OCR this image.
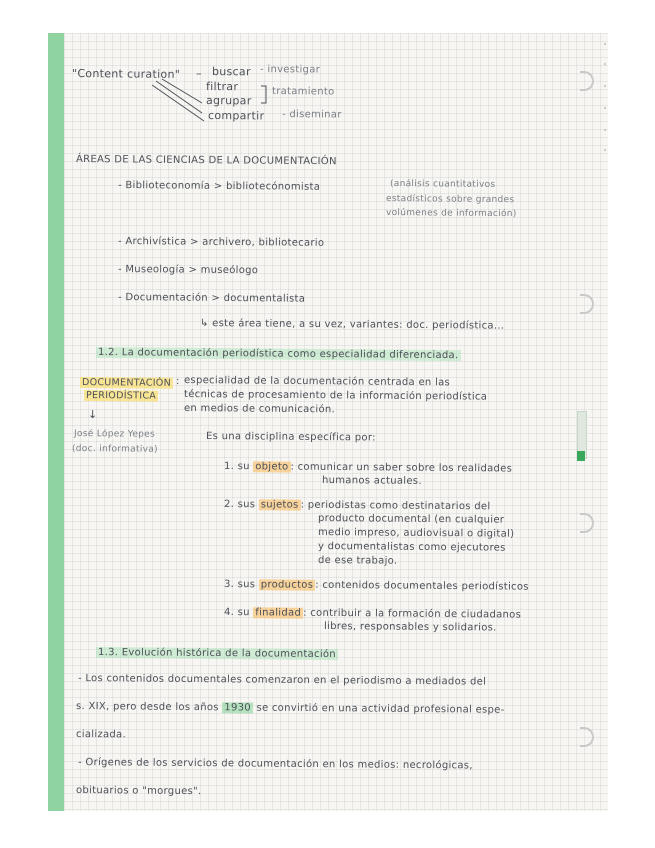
"Content curation" – buscar - investigar
filtrar
agrupar
tratamiento
compartir - diseminar
ÁREAS DE LAS CIENCIAS DE LA DOCUMENTACIÓN
- Biblioteconomía > bibliotecónomista	(análisis cuantitativos
estadísticos sobre grandes
volúmenes de información)
- Archivística > archivero, bibliotecario
- Museología > museólogo
- Documentación > documentalista
↳ este área tiene, a su vez, variantes: doc. periodística...
1.2. La documentación periodística como especialidad diferenciada.
DOCUMENTACIÓN
PERIODÍSTICA
: especialidad de la documentación centrada en las
técnicas de procesamiento de la información periodística
en medios de comunicación.
↓
José López Yepes
(doc. informativa)
Es una disciplina específica por:
1. su objeto : comunicar un saber sobre los realidades
humanos actuales.
2. sus sujetos : periodistas como destinatarios del
producto documental (en cualquier
medio impreso, audiovisual o digital)
y documentalistas como ejecutores
de ese trabajo.
3. sus productos : contenidos documentales periodísticos
4. su finalidad : contribuir a la formación de ciudadanos
libres, responsables y solidarios.
1.3. Evolución histórica de la documentación
- Los contenidos documentales comenzaron en el periodismo a mediados del
s. XIX, pero desde los años 1930 se convirtió en una actividad profesional espe-
cializada.
- Orígenes de los servicios de documentación en los medios: necrológicas,
obituarios o "morgues".
